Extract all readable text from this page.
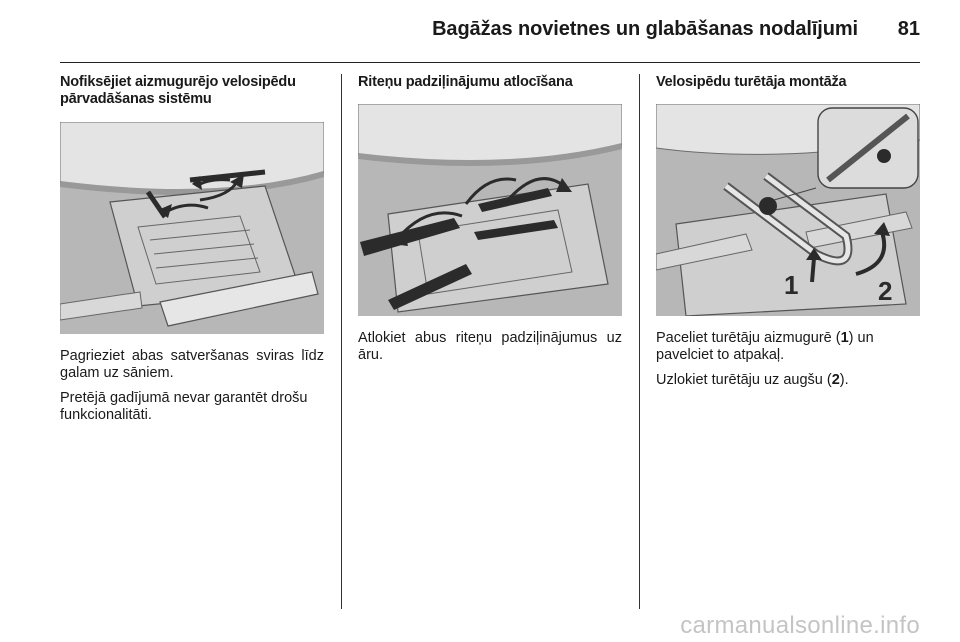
Bagāžas novietnes un glabāšanas nodalījumi 81
Nofiksējiet aizmugurējo velosipēdu
pārvadāšanas sistēmu

Pagrieziet abas satveršanas sviras līdz galam uz sāniem.

Pretējā gadījumā nevar garantēt drošu funkcionalitāti.

Riteņu padziļinājumu atlocīšana

Atlokiet abus riteņu padziļinājumus uz āru.

Velosipēdu turētāja montāža
1	2

Paceliet turētāju aizmugurē (1) un pavelciet to atpakaļ.

Uzlokiet turētāju uz augšu (2).

carmanualsonline.info
